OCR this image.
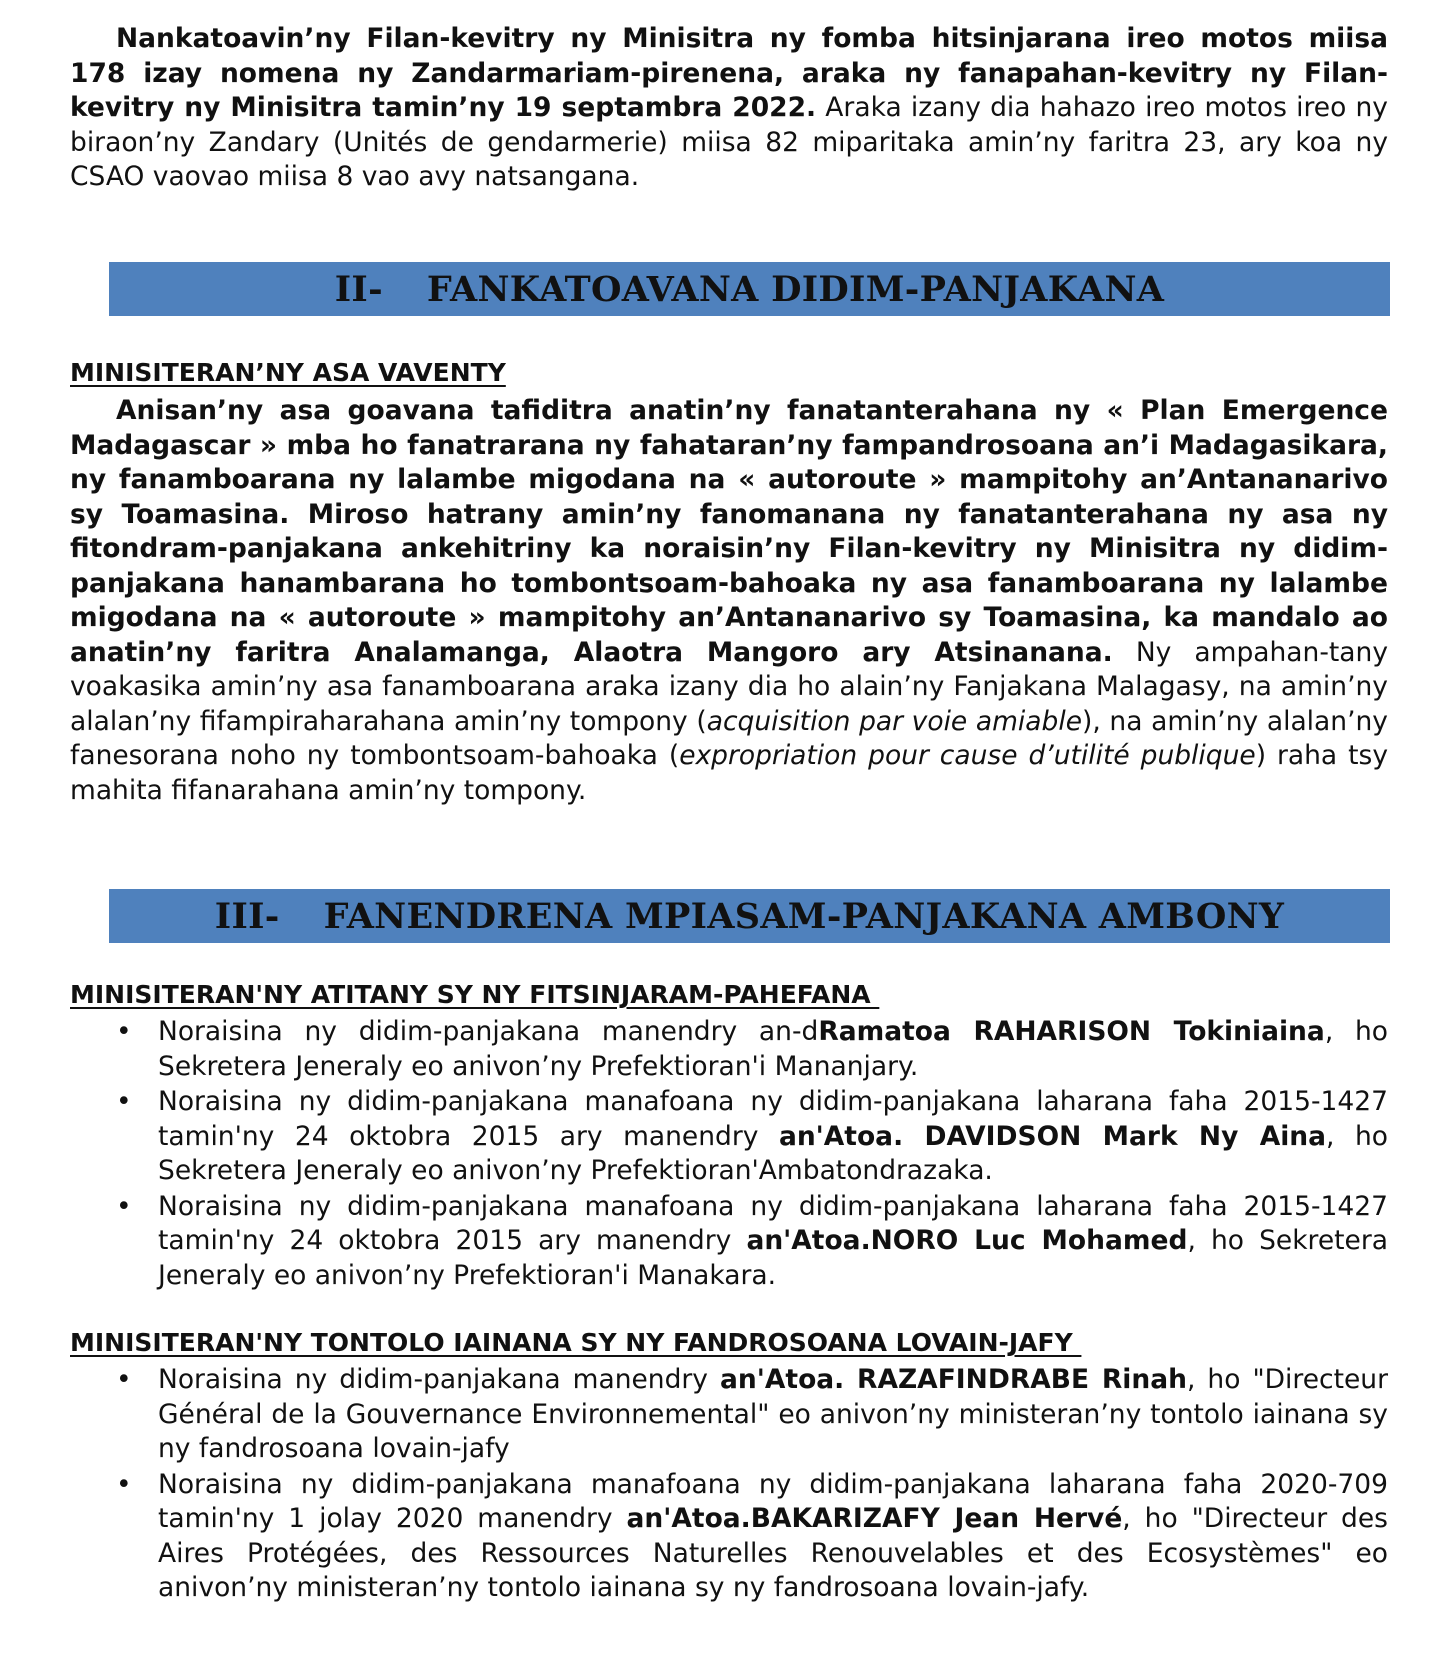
Nankatoavin’ny Filan-kevitry ny Minisitra ny fomba hitsinjarana ireo motos miisa 178 izay nomena ny Zandarmariam-pirenena, araka ny fanapahan-kevitry ny Filan-kevitry ny Minisitra tamin’ny 19 septambra 2022. Araka izany dia hahazo ireo motos ireo ny biraon’ny Zandary (Unités de gendarmerie) miisa 82 miparitaka amin’ny faritra 23, ary koa ny CSAO vaovao miisa 8 vao avy natsangana.

II- FANKATOAVANA DIDIM-PANJAKANA
MINISITERAN’NY ASA VAVENTY

Anisan’ny asa goavana tafiditra anatin’ny fanatanterahana ny « Plan Emergence Madagascar » mba ho fanatrarana ny fahataran’ny fampandrosoana an’i Madagasikara, ny fanamboarana ny lalambe migodana na « autoroute » mampitohy an’Antananarivo sy Toamasina. Miroso hatrany amin’ny fanomanana ny fanatanterahana ny asa ny fitondram-panjakana ankehitriny ka noraisin’ny Filan-kevitry ny Minisitra ny didim-panjakana hanambarana ho tombontsoam-bahoaka ny asa fanamboarana ny lalambe migodana na « autoroute » mampitohy an’Antananarivo sy Toamasina, ka mandalo ao anatin’ny faritra Analamanga, Alaotra Mangoro ary Atsinanana. Ny ampahan-tany voakasika amin’ny asa fanamboarana araka izany dia ho alain’ny Fanjakana Malagasy, na amin’ny alalan’ny fifampiraharahana amin’ny tompony (acquisition par voie amiable), na amin’ny alalan’ny fanesorana noho ny tombontsoam-bahoaka (expropriation pour cause d’utilité publique) raha tsy mahita fifanarahana amin’ny tompony.

III- FANENDRENA MPIASAM-PANJAKANA AMBONY
MINISITERAN'NY ATITANY SY NY FITSINJARAM-PAHEFANA
• Noraisina ny didim-panjakana manendry an-dRamatoa RAHARISON Tokiniaina, ho Sekretera Jeneraly eo anivon’ny Prefektioran'i Mananjary.
• Noraisina ny didim-panjakana manafoana ny didim-panjakana laharana faha 2015-1427 tamin'ny 24 oktobra 2015 ary manendry an'Atoa. DAVIDSON Mark Ny Aina, ho Sekretera Jeneraly eo anivon’ny Prefektioran'Ambatondrazaka.
• Noraisina ny didim-panjakana manafoana ny didim-panjakana laharana faha 2015-1427 tamin'ny 24 oktobra 2015 ary manendry an'Atoa.NORO Luc Mohamed, ho Sekretera Jeneraly eo anivon’ny Prefektioran'i Manakara.
MINISITERAN'NY TONTOLO IAINANA SY NY FANDROSOANA LOVAIN-JAFY
• Noraisina ny didim-panjakana manendry an'Atoa. RAZAFINDRABE Rinah, ho "Directeur Général de la Gouvernance Environnemental" eo anivon’ny ministeran’ny tontolo iainana sy ny fandrosoana lovain-jafy
• Noraisina ny didim-panjakana manafoana ny didim-panjakana laharana faha 2020-709 tamin'ny 1 jolay 2020 manendry an'Atoa.BAKARIZAFY Jean Hervé, ho "Directeur des Aires Protégées, des Ressources Naturelles Renouvelables et des Ecosystèmes" eo anivon’ny ministeran’ny tontolo iainana sy ny fandrosoana lovain-jafy.
